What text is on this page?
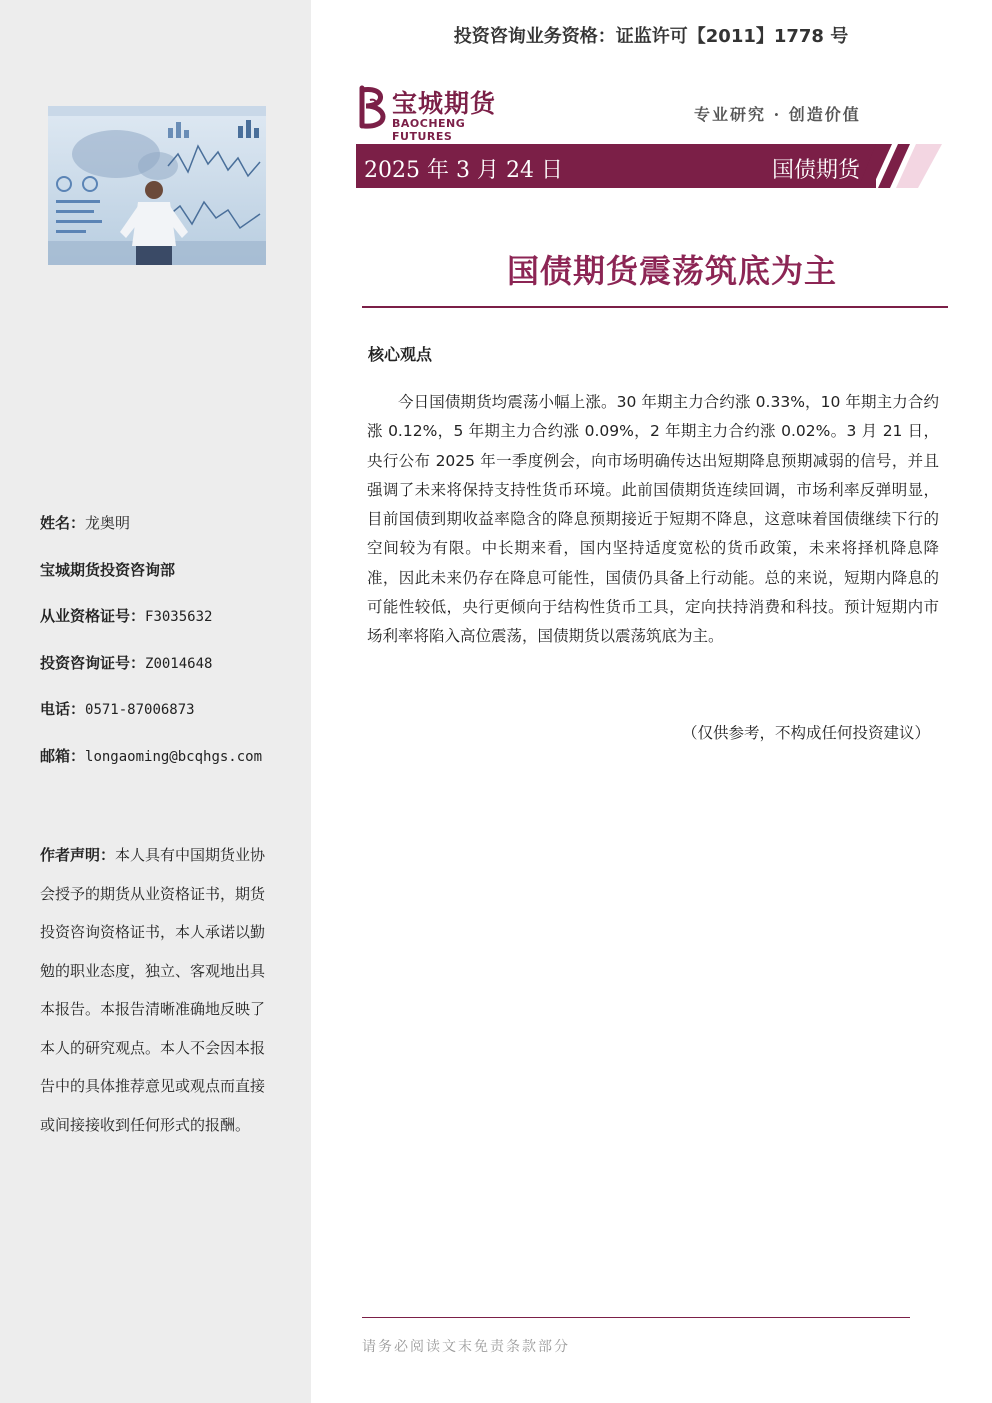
姓名：龙奥明
宝城期货投资咨询部
从业资格证号：F3035632
投资咨询证号：Z0014648
电话：0571-87006873
邮箱：longaoming@bcqhgs.com
作者声明：本人具有中国期货业协会授予的期货从业资格证书，期货投资咨询资格证书，本人承诺以勤勉的职业态度，独立、客观地出具本报告。本报告清晰准确地反映了本人的研究观点。本人不会因本报告中的具体推荐意见或观点而直接或间接接收到任何形式的报酬。
投资咨询业务资格：证监许可【2011】1778 号
宝城期货
BAOCHENG FUTURES
专业研究 · 创造价值
2025 年 3 月 24 日	国债期货
国债期货震荡筑底为主
核心观点

今日国债期货均震荡小幅上涨。30 年期主力合约涨 0.33%，10 年期主力合约涨 0.12%，5 年期主力合约涨 0.09%，2 年期主力合约涨 0.02%。3 月 21 日，央行公布 2025 年一季度例会，向市场明确传达出短期降息预期减弱的信号，并且强调了未来将保持支持性货币环境。此前国债期货连续回调，市场利率反弹明显，目前国债到期收益率隐含的降息预期接近于短期不降息，这意味着国债继续下行的空间较为有限。中长期来看，国内坚持适度宽松的货币政策，未来将择机降息降准，因此未来仍存在降息可能性，国债仍具备上行动能。总的来说，短期内降息的可能性较低，央行更倾向于结构性货币工具，定向扶持消费和科技。预计短期内市场利率将陷入高位震荡，国债期货以震荡筑底为主。

（仅供参考，不构成任何投资建议）
请务必阅读文末免责条款部分
